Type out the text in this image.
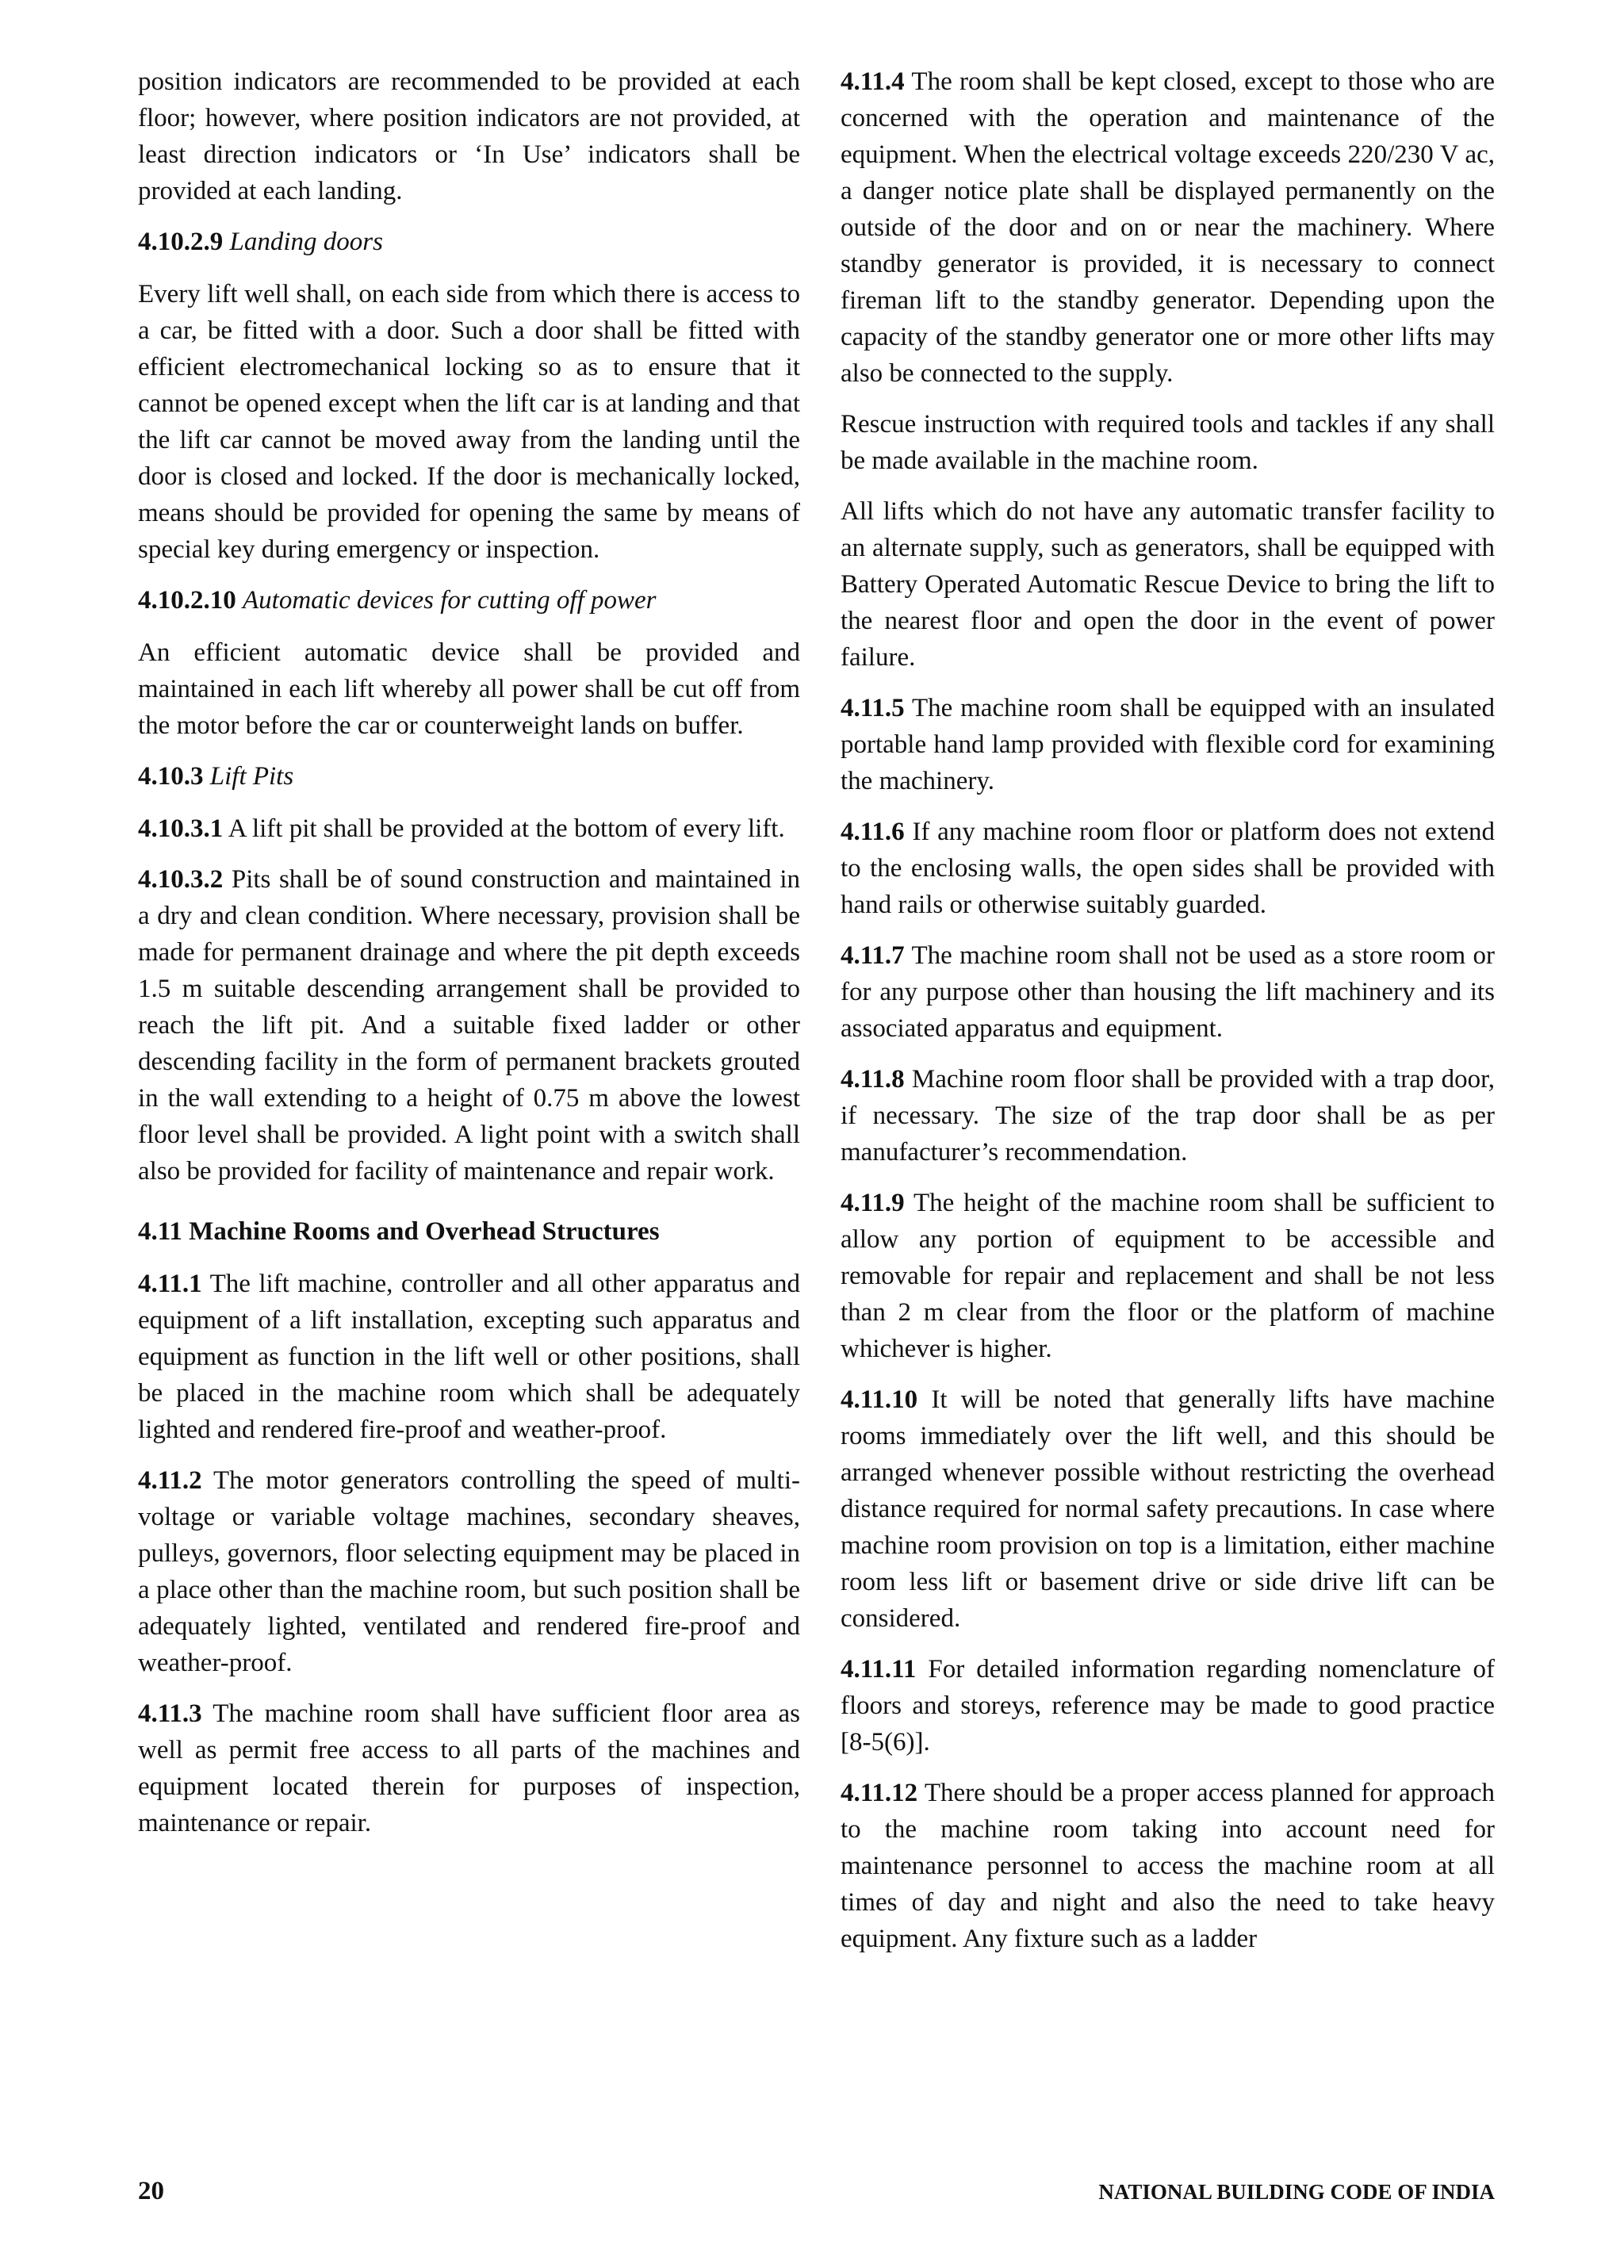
position indicators are recommended to be provided at each floor; however, where position indicators are not provided, at least direction indicators or ‘In Use’ indicators shall be provided at each landing.

4.10.2.9 Landing doors

Every lift well shall, on each side from which there is access to a car, be fitted with a door. Such a door shall be fitted with efficient electromechanical locking so as to ensure that it cannot be opened except when the lift car is at landing and that the lift car cannot be moved away from the landing until the door is closed and locked. If the door is mechanically locked, means should be provided for opening the same by means of special key during emergency or inspection.

4.10.2.10 Automatic devices for cutting off power

An efficient automatic device shall be provided and maintained in each lift whereby all power shall be cut off from the motor before the car or counterweight lands on buffer.

4.10.3 Lift Pits

4.10.3.1 A lift pit shall be provided at the bottom of every lift.

4.10.3.2 Pits shall be of sound construction and maintained in a dry and clean condition. Where necessary, provision shall be made for permanent drainage and where the pit depth exceeds 1.5 m suitable descending arrangement shall be provided to reach the lift pit. And a suitable fixed ladder or other descending facility in the form of permanent brackets grouted in the wall extending to a height of 0.75 m above the lowest floor level shall be provided. A light point with a switch shall also be provided for facility of maintenance and repair work.

4.11 Machine Rooms and Overhead Structures

4.11.1 The lift machine, controller and all other apparatus and equipment of a lift installation, excepting such apparatus and equipment as function in the lift well or other positions, shall be placed in the machine room which shall be adequately lighted and rendered fire-proof and weather-proof.

4.11.2 The motor generators controlling the speed of multi-voltage or variable voltage machines, secondary sheaves, pulleys, governors, floor selecting equipment may be placed in a place other than the machine room, but such position shall be adequately lighted, ventilated and rendered fire-proof and weather-proof.

4.11.3 The machine room shall have sufficient floor area as well as permit free access to all parts of the machines and equipment located therein for purposes of inspection, maintenance or repair.

4.11.4 The room shall be kept closed, except to those who are concerned with the operation and maintenance of the equipment. When the electrical voltage exceeds 220/230 V ac, a danger notice plate shall be displayed permanently on the outside of the door and on or near the machinery. Where standby generator is provided, it is necessary to connect fireman lift to the standby generator. Depending upon the capacity of the standby generator one or more other lifts may also be connected to the supply.

Rescue instruction with required tools and tackles if any shall be made available in the machine room.

All lifts which do not have any automatic transfer facility to an alternate supply, such as generators, shall be equipped with Battery Operated Automatic Rescue Device to bring the lift to the nearest floor and open the door in the event of power failure.

4.11.5 The machine room shall be equipped with an insulated portable hand lamp provided with flexible cord for examining the machinery.

4.11.6 If any machine room floor or platform does not extend to the enclosing walls, the open sides shall be provided with hand rails or otherwise suitably guarded.

4.11.7 The machine room shall not be used as a store room or for any purpose other than housing the lift machinery and its associated apparatus and equipment.

4.11.8 Machine room floor shall be provided with a trap door, if necessary. The size of the trap door shall be as per manufacturer’s recommendation.

4.11.9 The height of the machine room shall be sufficient to allow any portion of equipment to be accessible and removable for repair and replacement and shall be not less than 2 m clear from the floor or the platform of machine whichever is higher.

4.11.10 It will be noted that generally lifts have machine rooms immediately over the lift well, and this should be arranged whenever possible without restricting the overhead distance required for normal safety precautions. In case where machine room provision on top is a limitation, either machine room less lift or basement drive or side drive lift can be considered.

4.11.11 For detailed information regarding nomenclature of floors and storeys, reference may be made to good practice [8-5(6)].

4.11.12 There should be a proper access planned for approach to the machine room taking into account need for maintenance personnel to access the machine room at all times of day and night and also the need to take heavy equipment. Any fixture such as a ladder

20	NATIONAL BUILDING CODE OF INDIA
